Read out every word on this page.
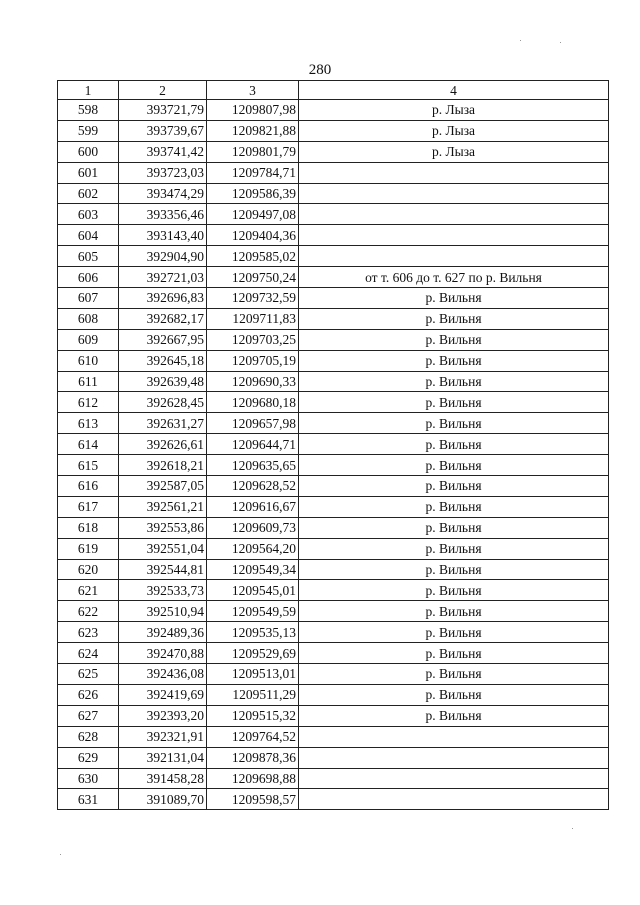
280
1	2	3	4
598	393721,79	1209807,98	р. Лыза
599	393739,67	1209821,88	р. Лыза
600	393741,42	1209801,79	р. Лыза
601	393723,03	1209784,71	
602	393474,29	1209586,39	
603	393356,46	1209497,08	
604	393143,40	1209404,36	
605	392904,90	1209585,02	
606	392721,03	1209750,24	от т. 606 до т. 627 по р. Вильня
607	392696,83	1209732,59	р. Вильня
608	392682,17	1209711,83	р. Вильня
609	392667,95	1209703,25	р. Вильня
610	392645,18	1209705,19	р. Вильня
611	392639,48	1209690,33	р. Вильня
612	392628,45	1209680,18	р. Вильня
613	392631,27	1209657,98	р. Вильня
614	392626,61	1209644,71	р. Вильня
615	392618,21	1209635,65	р. Вильня
616	392587,05	1209628,52	р. Вильня
617	392561,21	1209616,67	р. Вильня
618	392553,86	1209609,73	р. Вильня
619	392551,04	1209564,20	р. Вильня
620	392544,81	1209549,34	р. Вильня
621	392533,73	1209545,01	р. Вильня
622	392510,94	1209549,59	р. Вильня
623	392489,36	1209535,13	р. Вильня
624	392470,88	1209529,69	р. Вильня
625	392436,08	1209513,01	р. Вильня
626	392419,69	1209511,29	р. Вильня
627	392393,20	1209515,32	р. Вильня
628	392321,91	1209764,52	
629	392131,04	1209878,36	
630	391458,28	1209698,88	
631	391089,70	1209598,57	
